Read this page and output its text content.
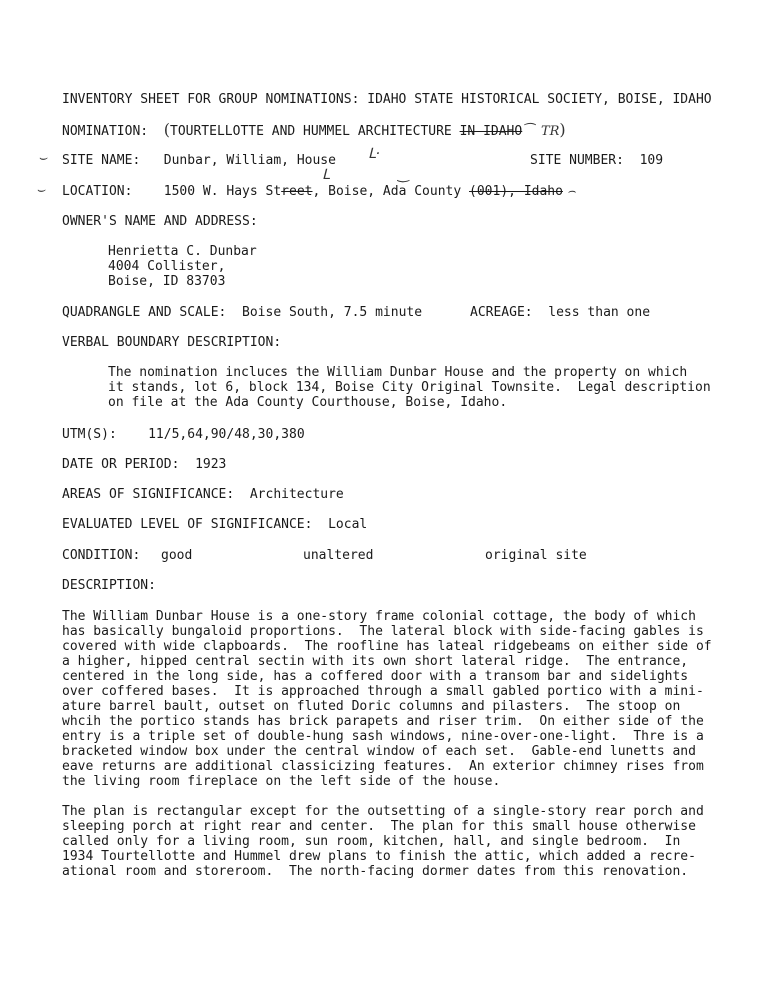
INVENTORY SHEET FOR GROUP NOMINATIONS: IDAHO STATE HISTORICAL SOCIETY, BOISE, IDAHO
NOMINATION: (TOURTELLOTTE AND HUMMEL ARCHITECTURE IN IDAHO⁀  TR)
⌣ SITE NAME: Dunbar, William, House ᒪ·	SITE NUMBER: 109
ᒪ	‿
⌣ LOCATION: 1500 W. Hays Street, Boise, Ada County (001), Idaho ⌢
OWNER'S NAME AND ADDRESS:
Henrietta C. Dunbar
4004 Collister,
Boise, ID 83703
QUADRANGLE AND SCALE: Boise South, 7.5 minute	ACREAGE: less than one
VERBAL BOUNDARY DESCRIPTION:
The nomination incluces the William Dunbar House and the property on which
it stands, lot 6, block 134, Boise City Original Townsite.  Legal description
on file at the Ada County Courthouse, Boise, Idaho.
UTM(S): 11/5,64,90/48,30,380
DATE OR PERIOD: 1923
AREAS OF SIGNIFICANCE: Architecture
EVALUATED LEVEL OF SIGNIFICANCE: Local
CONDITION: good	unaltered	original site
DESCRIPTION:
The William Dunbar House is a one-story frame colonial cottage, the body of which
has basically bungaloid proportions.  The lateral block with side-facing gables is
covered with wide clapboards.  The roofline has lateal ridgebeams on either side of
a higher, hipped central sectin with its own short lateral ridge.  The entrance,
centered in the long side, has a coffered door with a transom bar and sidelights
over coffered bases.  It is approached through a small gabled portico with a mini-
ature barrel bault, outset on fluted Doric columns and pilasters.  The stoop on
whcih the portico stands has brick parapets and riser trim.  On either side of the
entry is a triple set of double-hung sash windows, nine-over-one-light.  Thre is a
bracketed window box under the central window of each set.  Gable-end lunetts and
eave returns are additional classicizing features.  An exterior chimney rises from
the living room fireplace on the left side of the house.
The plan is rectangular except for the outsetting of a single-story rear porch and
sleeping porch at right rear and center.  The plan for this small house otherwise
called only for a living room, sun room, kitchen, hall, and single bedroom.  In
1934 Tourtellotte and Hummel drew plans to finish the attic, which added a recre-
ational room and storeroom.  The north-facing dormer dates from this renovation.
